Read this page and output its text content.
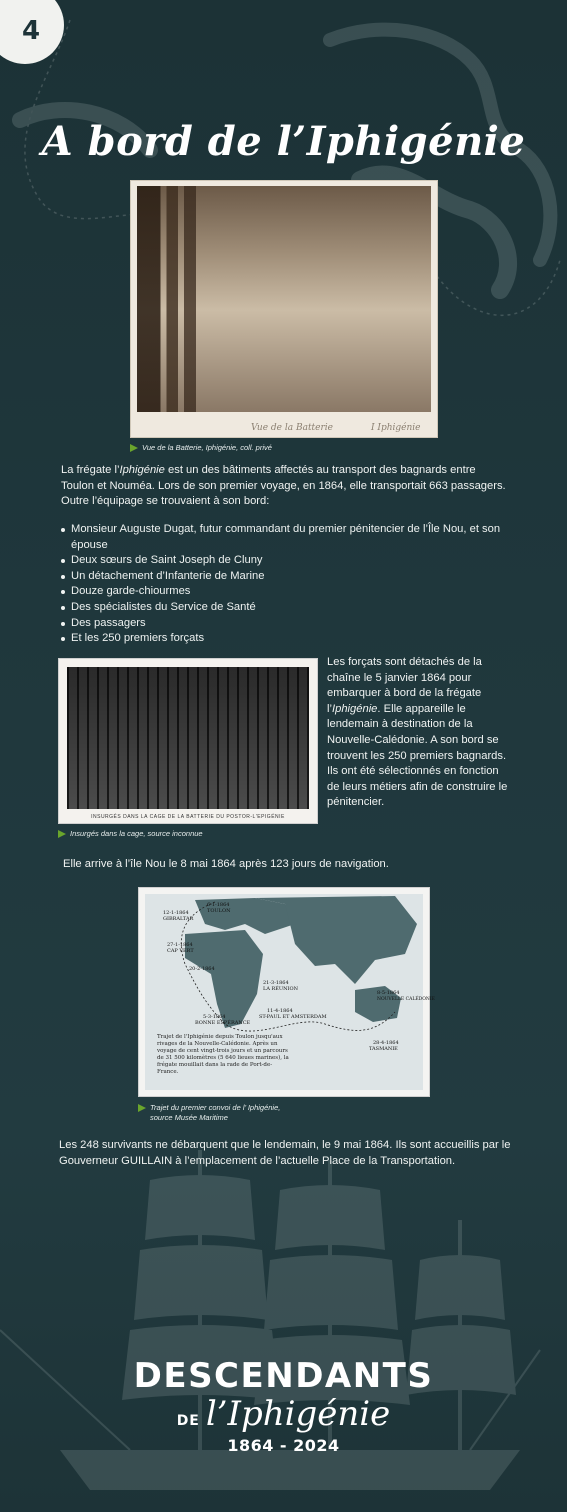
4
A bord de l’Iphigénie
Vue de la Batterie	I Iphigénie
Vue de la Batterie, Iphigénie, coll. privé

La frégate l’Iphigénie est un des bâtiments affectés au transport des bagnards entre Toulon et Nouméa. Lors de son premier voyage, en 1864, elle transportait 663 passagers. Outre l’équipage se trouvaient à son bord:

Monsieur Auguste Dugat, futur commandant du premier pénitencier de l’Île Nou, et son épouse
Deux sœurs de Saint Joseph de Cluny
Un détachement d’Infanterie de Marine
Douze garde-chiourmes
Des spécialistes du Service de Santé
Des passagers
Et les 250 premiers forçats
INSURGÉS DANS LA CAGE DE LA BATTERIE DU POSTOR-L'EPIGÉNIE
Insurgés dans la cage, source inconnue

Les forçats sont détachés de la chaîne le 5 janvier 1864 pour embarquer à bord de la frégate l’Iphigénie. Elle appareille le lendemain à destination de la Nouvelle-Calédonie. A son bord se trouvent les 250 premiers bagnards. Ils ont été sélectionnés en fonction de leurs métiers afin de construire le pénitencier.

Elle arrive à l’île Nou le 8 mai 1864 après 123 jours de navigation.

6-1-1864
TOULON
12-1-1864
GIBRALTAR
27-1-1864
CAP VERT
20-2-1864
5-3-1864
BONNE ESPÉRANCE
21-3-1864
LA RÉUNION
11-4-1864
ST-PAUL ET AMSTERDAM
28-4-1864
TASMANIE
8-5-1864
NOUVELLE CALÉDONIE
Trajet de l'Iphigénie depuis Toulon jusqu'aux rivages de la Nouvelle-Calédonie. Après un voyage de cent vingt-trois jours et un parcours de 31 500 kilomètres (5 640 lieues marines), la frégate mouillait dans la rade de Port-de-France.
Trajet du premier convoi de l’ Iphigénie,
source Musée Maritime

Les 248 survivants ne débarquent que le lendemain, le 9 mai 1864. Ils sont accueillis par le Gouverneur GUILLAIN à l’emplacement de l’actuelle Place de la Transportation.

DESCENDANTS
DE l’Iphigénie
1864 - 2024
